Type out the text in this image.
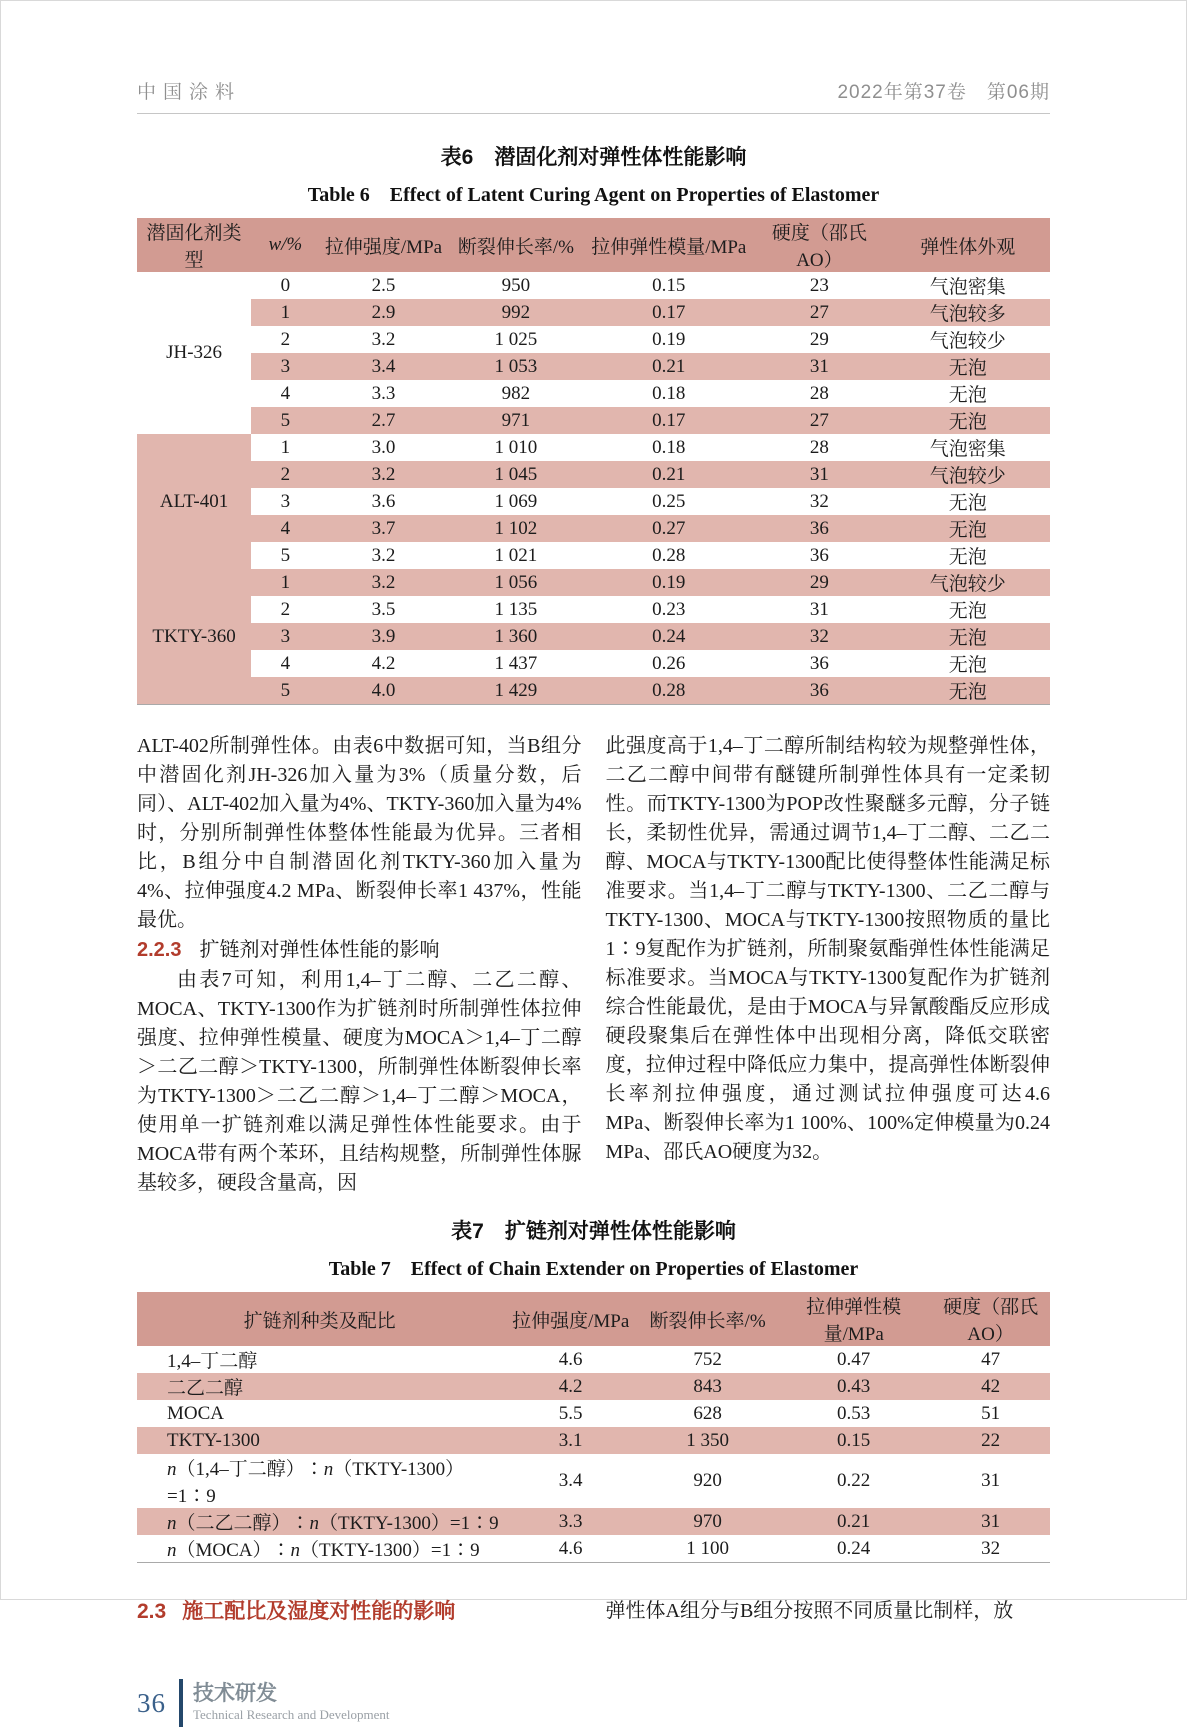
中国涂料	2022年第37卷　第06期
表6　潜固化剂对弹性体性能影响
Table 6　Effect of Latent Curing Agent on Properties of Elastomer
潜固化剂类型	w/%	拉伸强度/MPa	断裂伸长率/%	拉伸弹性模量/MPa	硬度（邵氏AO）	弹性体外观
JH-326	0	2.5	950	0.15	23	气泡密集
	1	2.9	992	0.17	27	气泡较多
	2	3.2	1 025	0.19	29	气泡较少
	3	3.4	1 053	0.21	31	无泡
	4	3.3	982	0.18	28	无泡
	5	2.7	971	0.17	27	无泡
ALT-401	1	3.0	1 010	0.18	28	气泡密集
	2	3.2	1 045	0.21	31	气泡较少
	3	3.6	1 069	0.25	32	无泡
	4	3.7	1 102	0.27	36	无泡
	5	3.2	1 021	0.28	36	无泡
TKTY-360	1	3.2	1 056	0.19	29	气泡较少
	2	3.5	1 135	0.23	31	无泡
	3	3.9	1 360	0.24	32	无泡
	4	4.2	1 437	0.26	36	无泡
	5	4.0	1 429	0.28	36	无泡
ALT-402所制弹性体。由表6中数据可知，当B组分中潜固化剂JH-326加入量为3%（质量分数，后同）、ALT-402加入量为4%、TKTY-360加入量为4%时，分别所制弹性体整体性能最为优异。三者相比，B组分中自制潜固化剂TKTY-360加入量为4%、拉伸强度4.2 MPa、断裂伸长率1 437%，性能最优。
2.2.3 扩链剂对弹性体性能的影响
由表7可知，利用1,4–丁二醇、二乙二醇、MOCA、TKTY-1300作为扩链剂时所制弹性体拉伸强度、拉伸弹性模量、硬度为MOCA＞1,4–丁二醇＞二乙二醇＞TKTY-1300，所制弹性体断裂伸长率为TKTY-1300＞二乙二醇＞1,4–丁二醇＞MOCA，使用单一扩链剂难以满足弹性体性能要求。由于MOCA带有两个苯环，且结构规整，所制弹性体脲基较多，硬段含量高，因
此强度高于1,4–丁二醇所制结构较为规整弹性体，二乙二醇中间带有醚键所制弹性体具有一定柔韧性。而TKTY-1300为POP改性聚醚多元醇，分子链长，柔韧性优异，需通过调节1,4–丁二醇、二乙二醇、MOCA与TKTY-1300配比使得整体性能满足标准要求。当1,4–丁二醇与TKTY-1300、二乙二醇与TKTY-1300、MOCA与TKTY-1300按照物质的量比1∶9复配作为扩链剂，所制聚氨酯弹性体性能满足标准要求。当MOCA与TKTY-1300复配作为扩链剂综合性能最优，是由于MOCA与异氰酸酯反应形成硬段聚集后在弹性体中出现相分离，降低交联密度，拉伸过程中降低应力集中，提高弹性体断裂伸长率剂拉伸强度，通过测试拉伸强度可达4.6 MPa、断裂伸长率为1 100%、100%定伸模量为0.24 MPa、邵氏AO硬度为32。
表7　扩链剂对弹性体性能影响
Table 7　Effect of Chain Extender on Properties of Elastomer
扩链剂种类及配比	拉伸强度/MPa	断裂伸长率/%	拉伸弹性模量/MPa	硬度（邵氏AO）
1,4–丁二醇	4.6	752	0.47	47
二乙二醇	4.2	843	0.43	42
MOCA	5.5	628	0.53	51
TKTY-1300	3.1	1 350	0.15	22
n（1,4–丁二醇）∶n（TKTY-1300）=1∶9	3.4	920	0.22	31
n（二乙二醇）∶n（TKTY-1300）=1∶9	3.3	970	0.21	31
n（MOCA）∶n（TKTY-1300）=1∶9	4.6	1 100	0.24	32
2.3 施工配比及湿度对性能的影响	弹性体A组分与B组分按照不同质量比制样，放
36 技术研发
Technical Research and Development
